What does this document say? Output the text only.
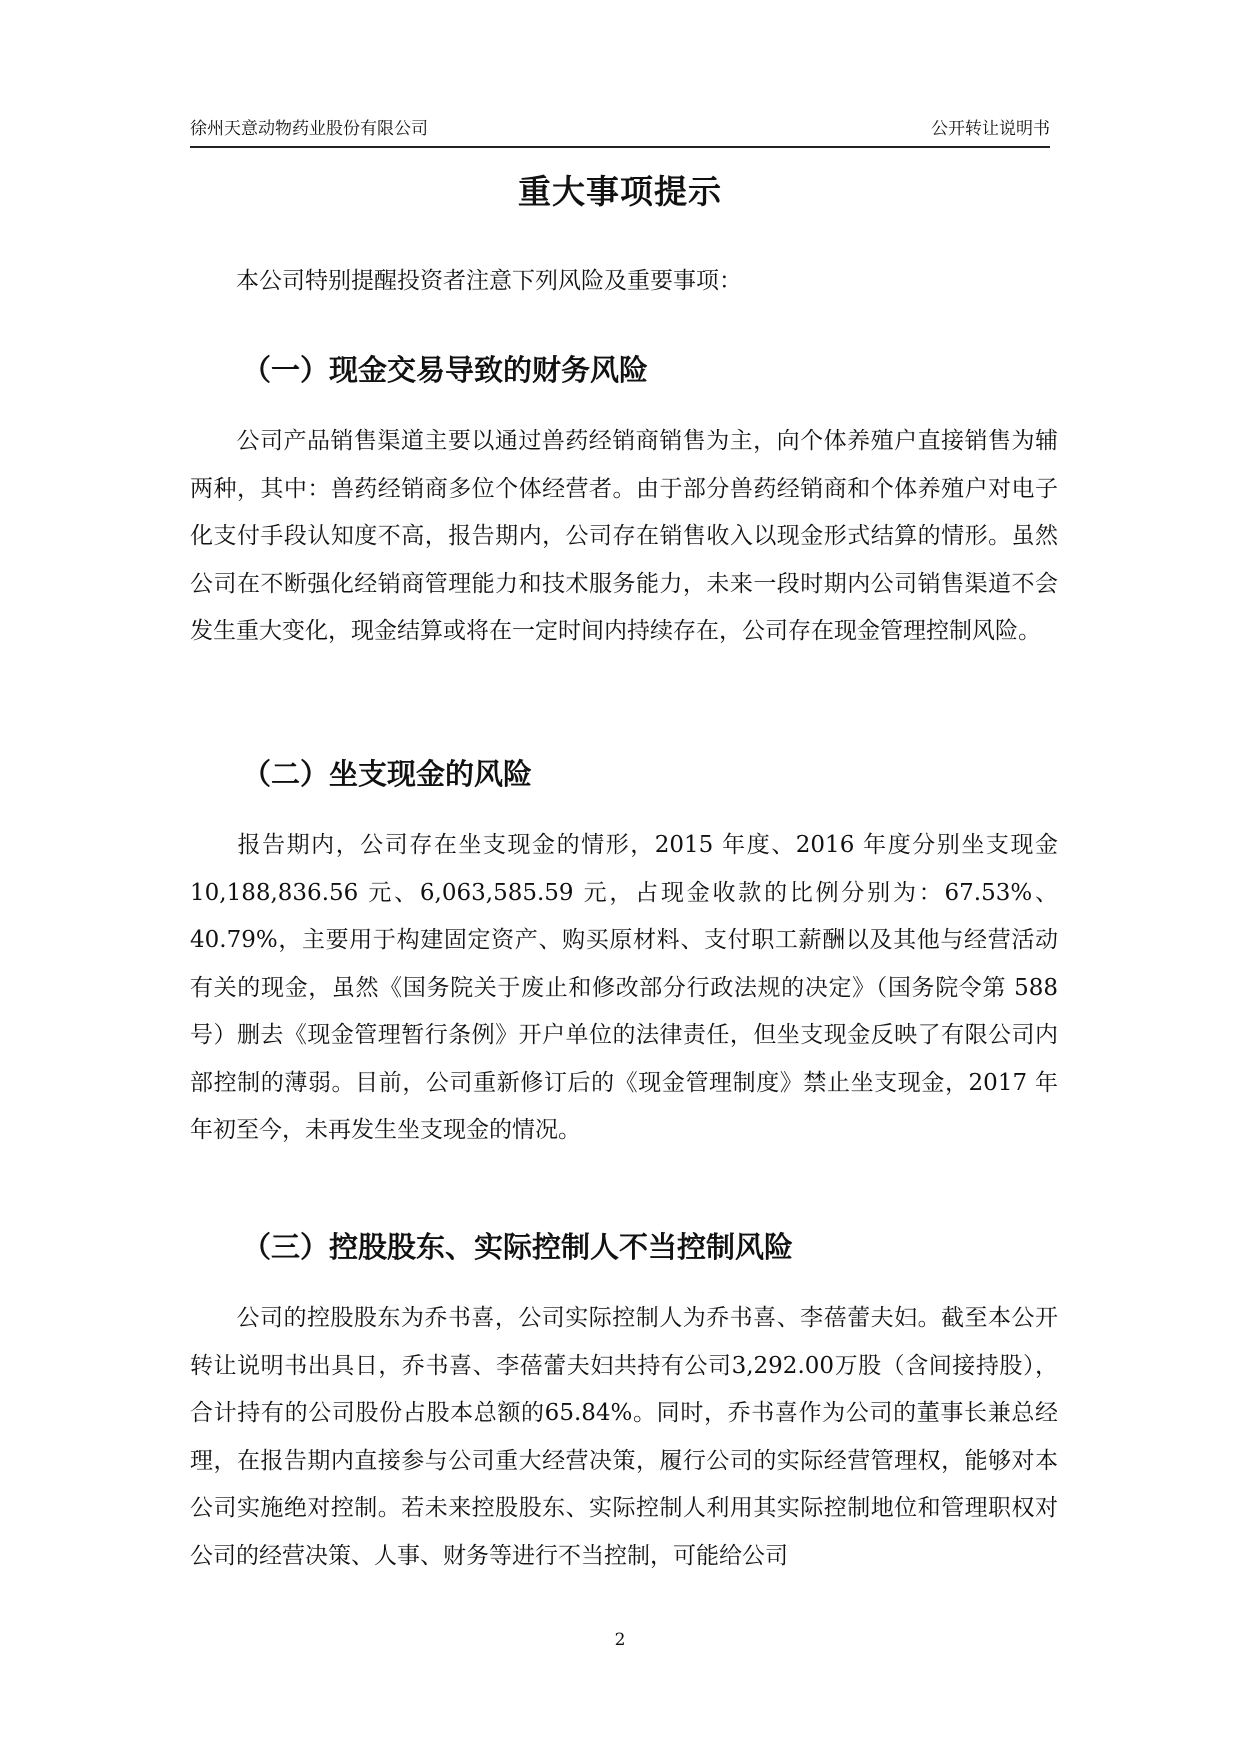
徐州天意动物药业股份有限公司	公开转让说明书
重大事项提示

本公司特别提醒投资者注意下列风险及重要事项：

（一）现金交易导致的财务风险

公司产品销售渠道主要以通过兽药经销商销售为主，向个体养殖户直接销售为辅两种，其中：兽药经销商多位个体经营者。由于部分兽药经销商和个体养殖户对电子化支付手段认知度不高，报告期内，公司存在销售收入以现金形式结算的情形。虽然公司在不断强化经销商管理能力和技术服务能力，未来一段时期内公司销售渠道不会发生重大变化，现金结算或将在一定时间内持续存在，公司存在现金管理控制风险。

（二）坐支现金的风险

报告期内，公司存在坐支现金的情形，2015 年度、2016 年度分别坐支现金 10,188,836.56 元、6,063,585.59 元，占现金收款的比例分别为：67.53%、40.79%，主要用于构建固定资产、购买原材料、支付职工薪酬以及其他与经营活动有关的现金，虽然《国务院关于废止和修改部分行政法规的决定》（国务院令第 588 号）删去《现金管理暂行条例》开户单位的法律责任，但坐支现金反映了有限公司内部控制的薄弱。目前，公司重新修订后的《现金管理制度》禁止坐支现金，2017 年年初至今，未再发生坐支现金的情况。

（三）控股股东、实际控制人不当控制风险

公司的控股股东为乔书喜，公司实际控制人为乔书喜、李蓓蕾夫妇。截至本公开转让说明书出具日，乔书喜、李蓓蕾夫妇共持有公司3,292.00万股（含间接持股），合计持有的公司股份占股本总额的65.84%。同时，乔书喜作为公司的董事长兼总经理，在报告期内直接参与公司重大经营决策，履行公司的实际经营管理权，能够对本公司实施绝对控制。若未来控股股东、实际控制人利用其实际控制地位和管理职权对公司的经营决策、人事、财务等进行不当控制，可能给公司

2
